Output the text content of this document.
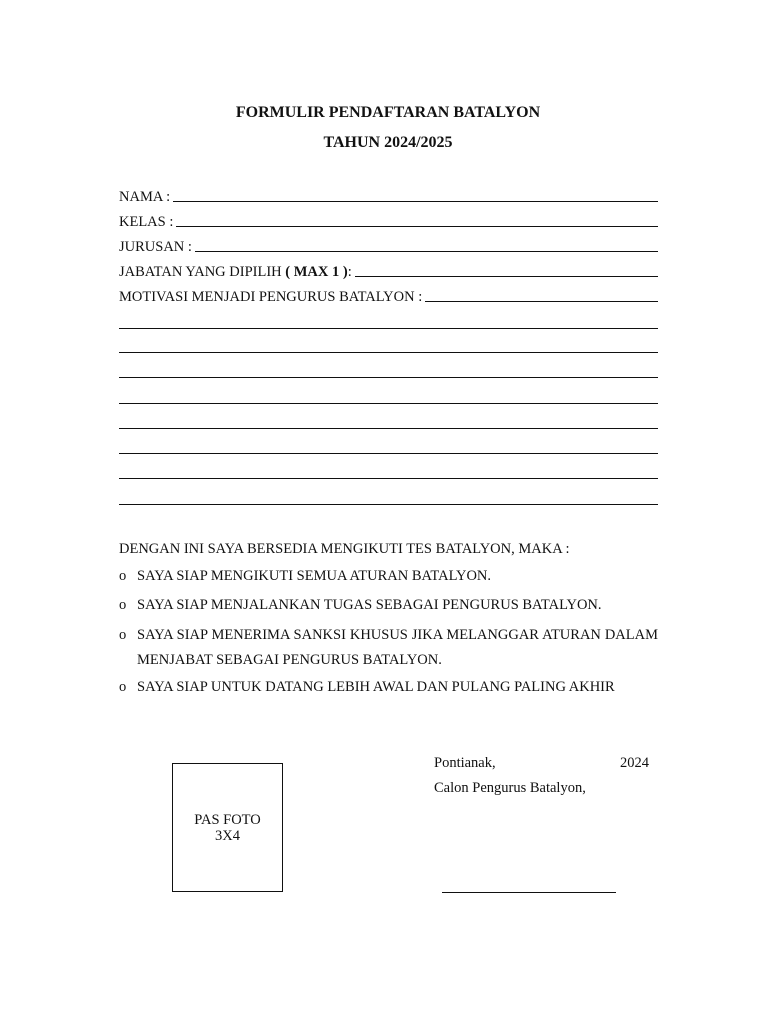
FORMULIR PENDAFTARAN BATALYON
TAHUN 2024/2025
NAMA :
KELAS :
JURUSAN :
JABATAN YANG DIPILIH ( MAX 1 ):
MOTIVASI MENJADI PENGURUS BATALYON :
DENGAN INI SAYA BERSEDIA MENGIKUTI TES BATALYON, MAKA :
o SAYA SIAP MENGIKUTI SEMUA ATURAN BATALYON.
o SAYA SIAP MENJALANKAN TUGAS SEBAGAI PENGURUS BATALYON.
o SAYA SIAP MENERIMA SANKSI KHUSUS JIKA MELANGGAR ATURAN DALAM MENJABAT SEBAGAI PENGURUS BATALYON.
o SAYA SIAP UNTUK DATANG LEBIH AWAL DAN PULANG PALING AKHIR
PAS FOTO
3X4
Pontianak,	2024
Calon Pengurus Batalyon,
